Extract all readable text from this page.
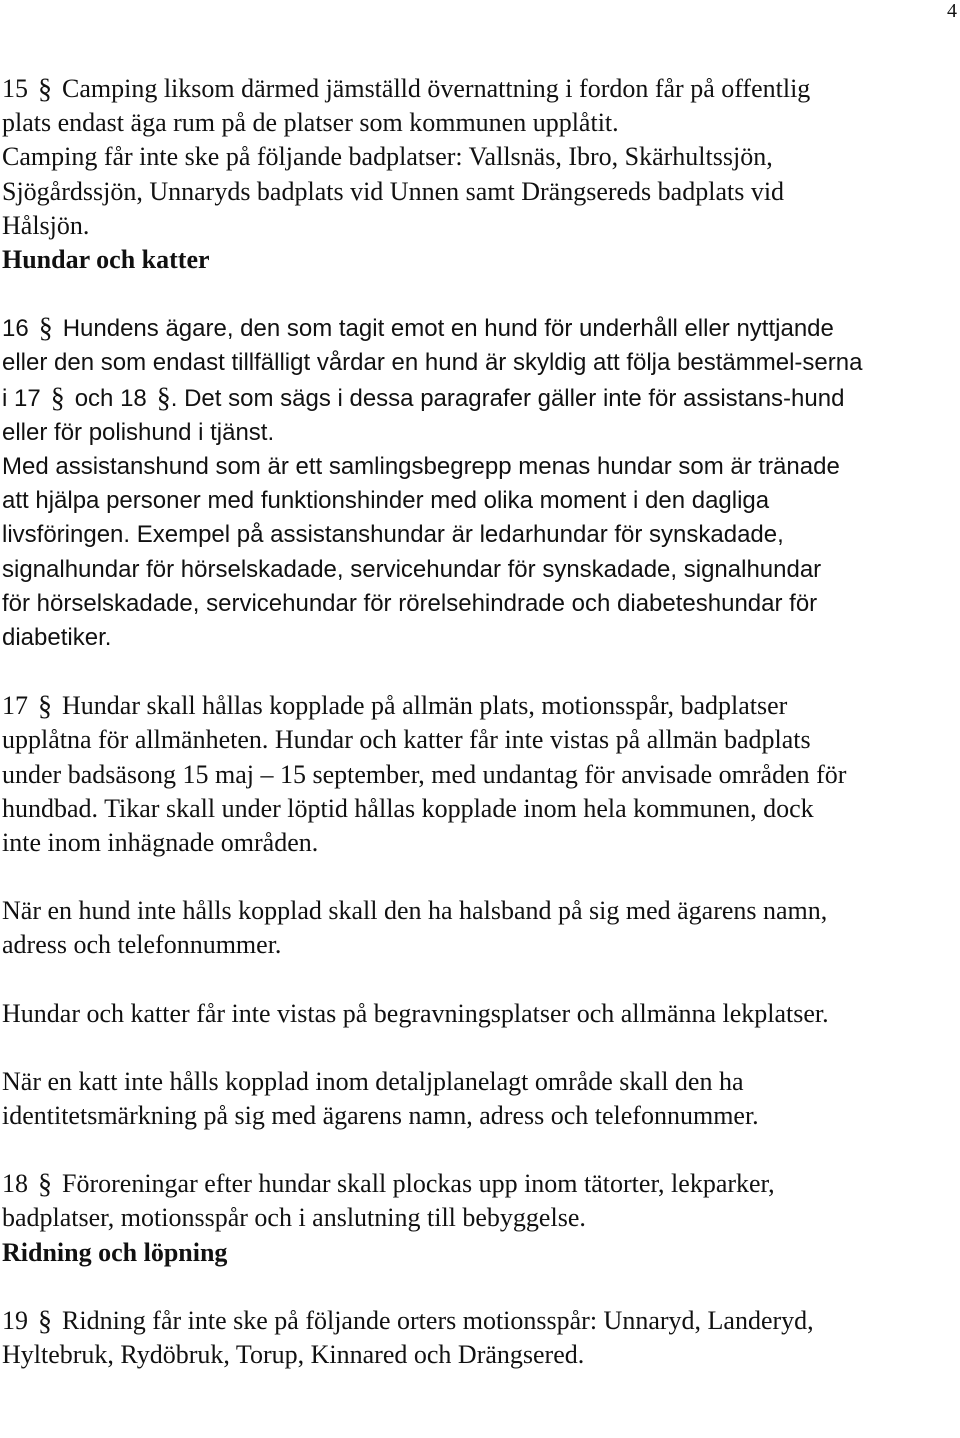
4

15 § Camping liksom därmed jämställd övernattning i fordon får på offentlig
plats endast äga rum på de platser som kommunen upplåtit.
Camping får inte ske på följande badplatser: Vallsnäs, Ibro, Skärhultssjön,
Sjögårdssjön, Unnaryds badplats vid Unnen samt Drängsereds badplats vid
Hålsjön.

Hundar och katter

16 § Hundens ägare, den som tagit emot en hund för underhåll eller nyttjande
eller den som endast tillfälligt vårdar en hund är skyldig att följa bestämmel-serna
i 17 § och 18 §. Det som sägs i dessa paragrafer gäller inte för assistans-hund
eller för polishund i tjänst.
Med assistanshund som är ett samlingsbegrepp menas hundar som är tränade
att hjälpa personer med funktionshinder med olika moment i den dagliga
livsföringen. Exempel på assistanshundar är ledarhundar för synskadade,
signalhundar för hörselskadade, servicehundar för synskadade, signalhundar
för hörselskadade, servicehundar för rörelsehindrade och diabeteshundar för
diabetiker.

17 § Hundar skall hållas kopplade på allmän plats, motionsspår, badplatser
upplåtna för allmänheten. Hundar och katter får inte vistas på allmän badplats
under badsäsong 15 maj – 15 september, med undantag för anvisade områden för
hundbad. Tikar skall under löptid hållas kopplade inom hela kommunen, dock
inte inom inhägnade områden.

När en hund inte hålls kopplad skall den ha halsband på sig med ägarens namn,
adress och telefonnummer.

Hundar och katter får inte vistas på begravningsplatser och allmänna lekplatser.

När en katt inte hålls kopplad inom detaljplanelagt område skall den ha
identitetsmärkning på sig med ägarens namn, adress och telefonnummer.

18 § Föroreningar efter hundar skall plockas upp inom tätorter, lekparker,
badplatser, motionsspår och i anslutning till bebyggelse.

Ridning och löpning

19 § Ridning får inte ske på följande orters motionsspår: Unnaryd, Landeryd,
Hyltebruk, Rydöbruk, Torup, Kinnared och Drängsered.
